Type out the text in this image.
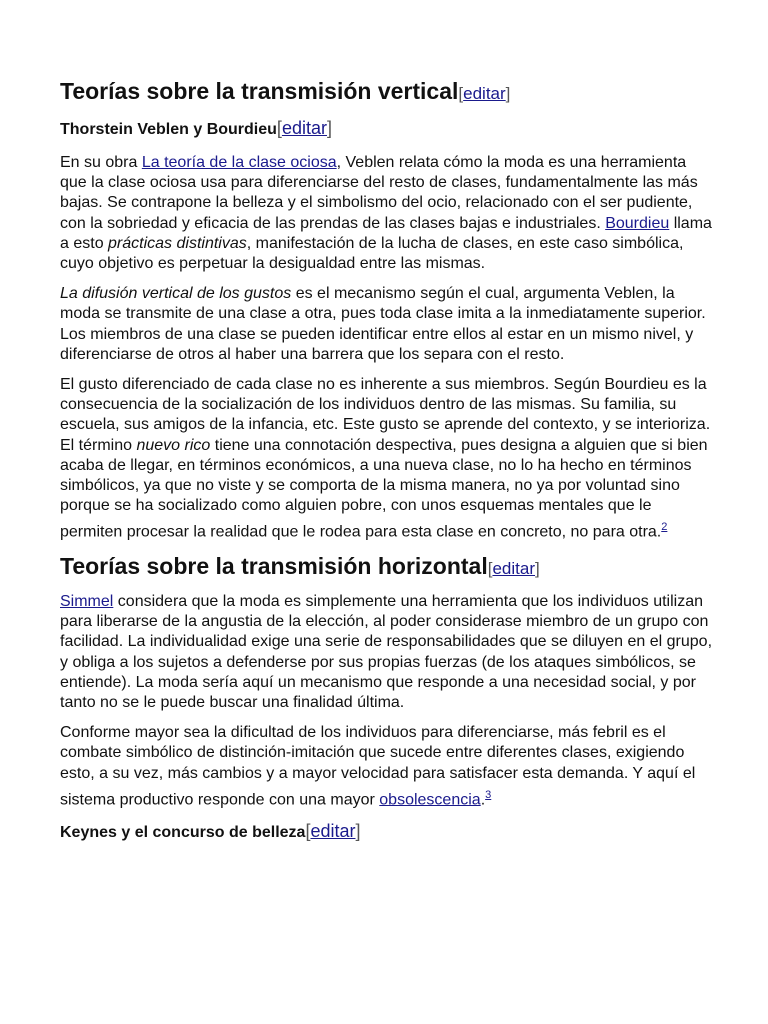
Teorías sobre la transmisión vertical[editar]
Thorstein Veblen y Bourdieu[editar]

En su obra La teoría de la clase ociosa, Veblen relata cómo la moda es una herramienta que la clase ociosa usa para diferenciarse del resto de clases, fundamentalmente las más bajas. Se contrapone la belleza y el simbolismo del ocio, relacionado con el ser pudiente, con la sobriedad y eficacia de las prendas de las clases bajas e industriales. Bourdieu llama a esto prácticas distintivas, manifestación de la lucha de clases, en este caso simbólica, cuyo objetivo es perpetuar la desigualdad entre las mismas.

La difusión vertical de los gustos es el mecanismo según el cual, argumenta Veblen, la moda se transmite de una clase a otra, pues toda clase imita a la inmediatamente superior. Los miembros de una clase se pueden identificar entre ellos al estar en un mismo nivel, y diferenciarse de otros al haber una barrera que los separa con el resto.

El gusto diferenciado de cada clase no es inherente a sus miembros. Según Bourdieu es la consecuencia de la socialización de los individuos dentro de las mismas. Su familia, su escuela, sus amigos de la infancia, etc. Este gusto se aprende del contexto, y se interioriza. El término nuevo rico tiene una connotación despectiva, pues designa a alguien que si bien acaba de llegar, en términos económicos, a una nueva clase, no lo ha hecho en términos simbólicos, ya que no viste y se comporta de la misma manera, no ya por voluntad sino porque se ha socializado como alguien pobre, con unos esquemas mentales que le permiten procesar la realidad que le rodea para esta clase en concreto, no para otra.$^2$

Teorías sobre la transmisión horizontal[editar]

Simmel considera que la moda es simplemente una herramienta que los individuos utilizan para liberarse de la angustia de la elección, al poder considerase miembro de un grupo con facilidad. La individualidad exige una serie de responsabilidades que se diluyen en el grupo, y obliga a los sujetos a defenderse por sus propias fuerzas (de los ataques simbólicos, se entiende). La moda sería aquí un mecanismo que responde a una necesidad social, y por tanto no se le puede buscar una finalidad última.

Conforme mayor sea la dificultad de los individuos para diferenciarse, más febril es el combate simbólico de distinción-imitación que sucede entre diferentes clases, exigiendo esto, a su vez, más cambios y a mayor velocidad para satisfacer esta demanda. Y aquí el sistema productivo responde con una mayor obsolescencia.$^3$

Keynes y el concurso de belleza[editar]
